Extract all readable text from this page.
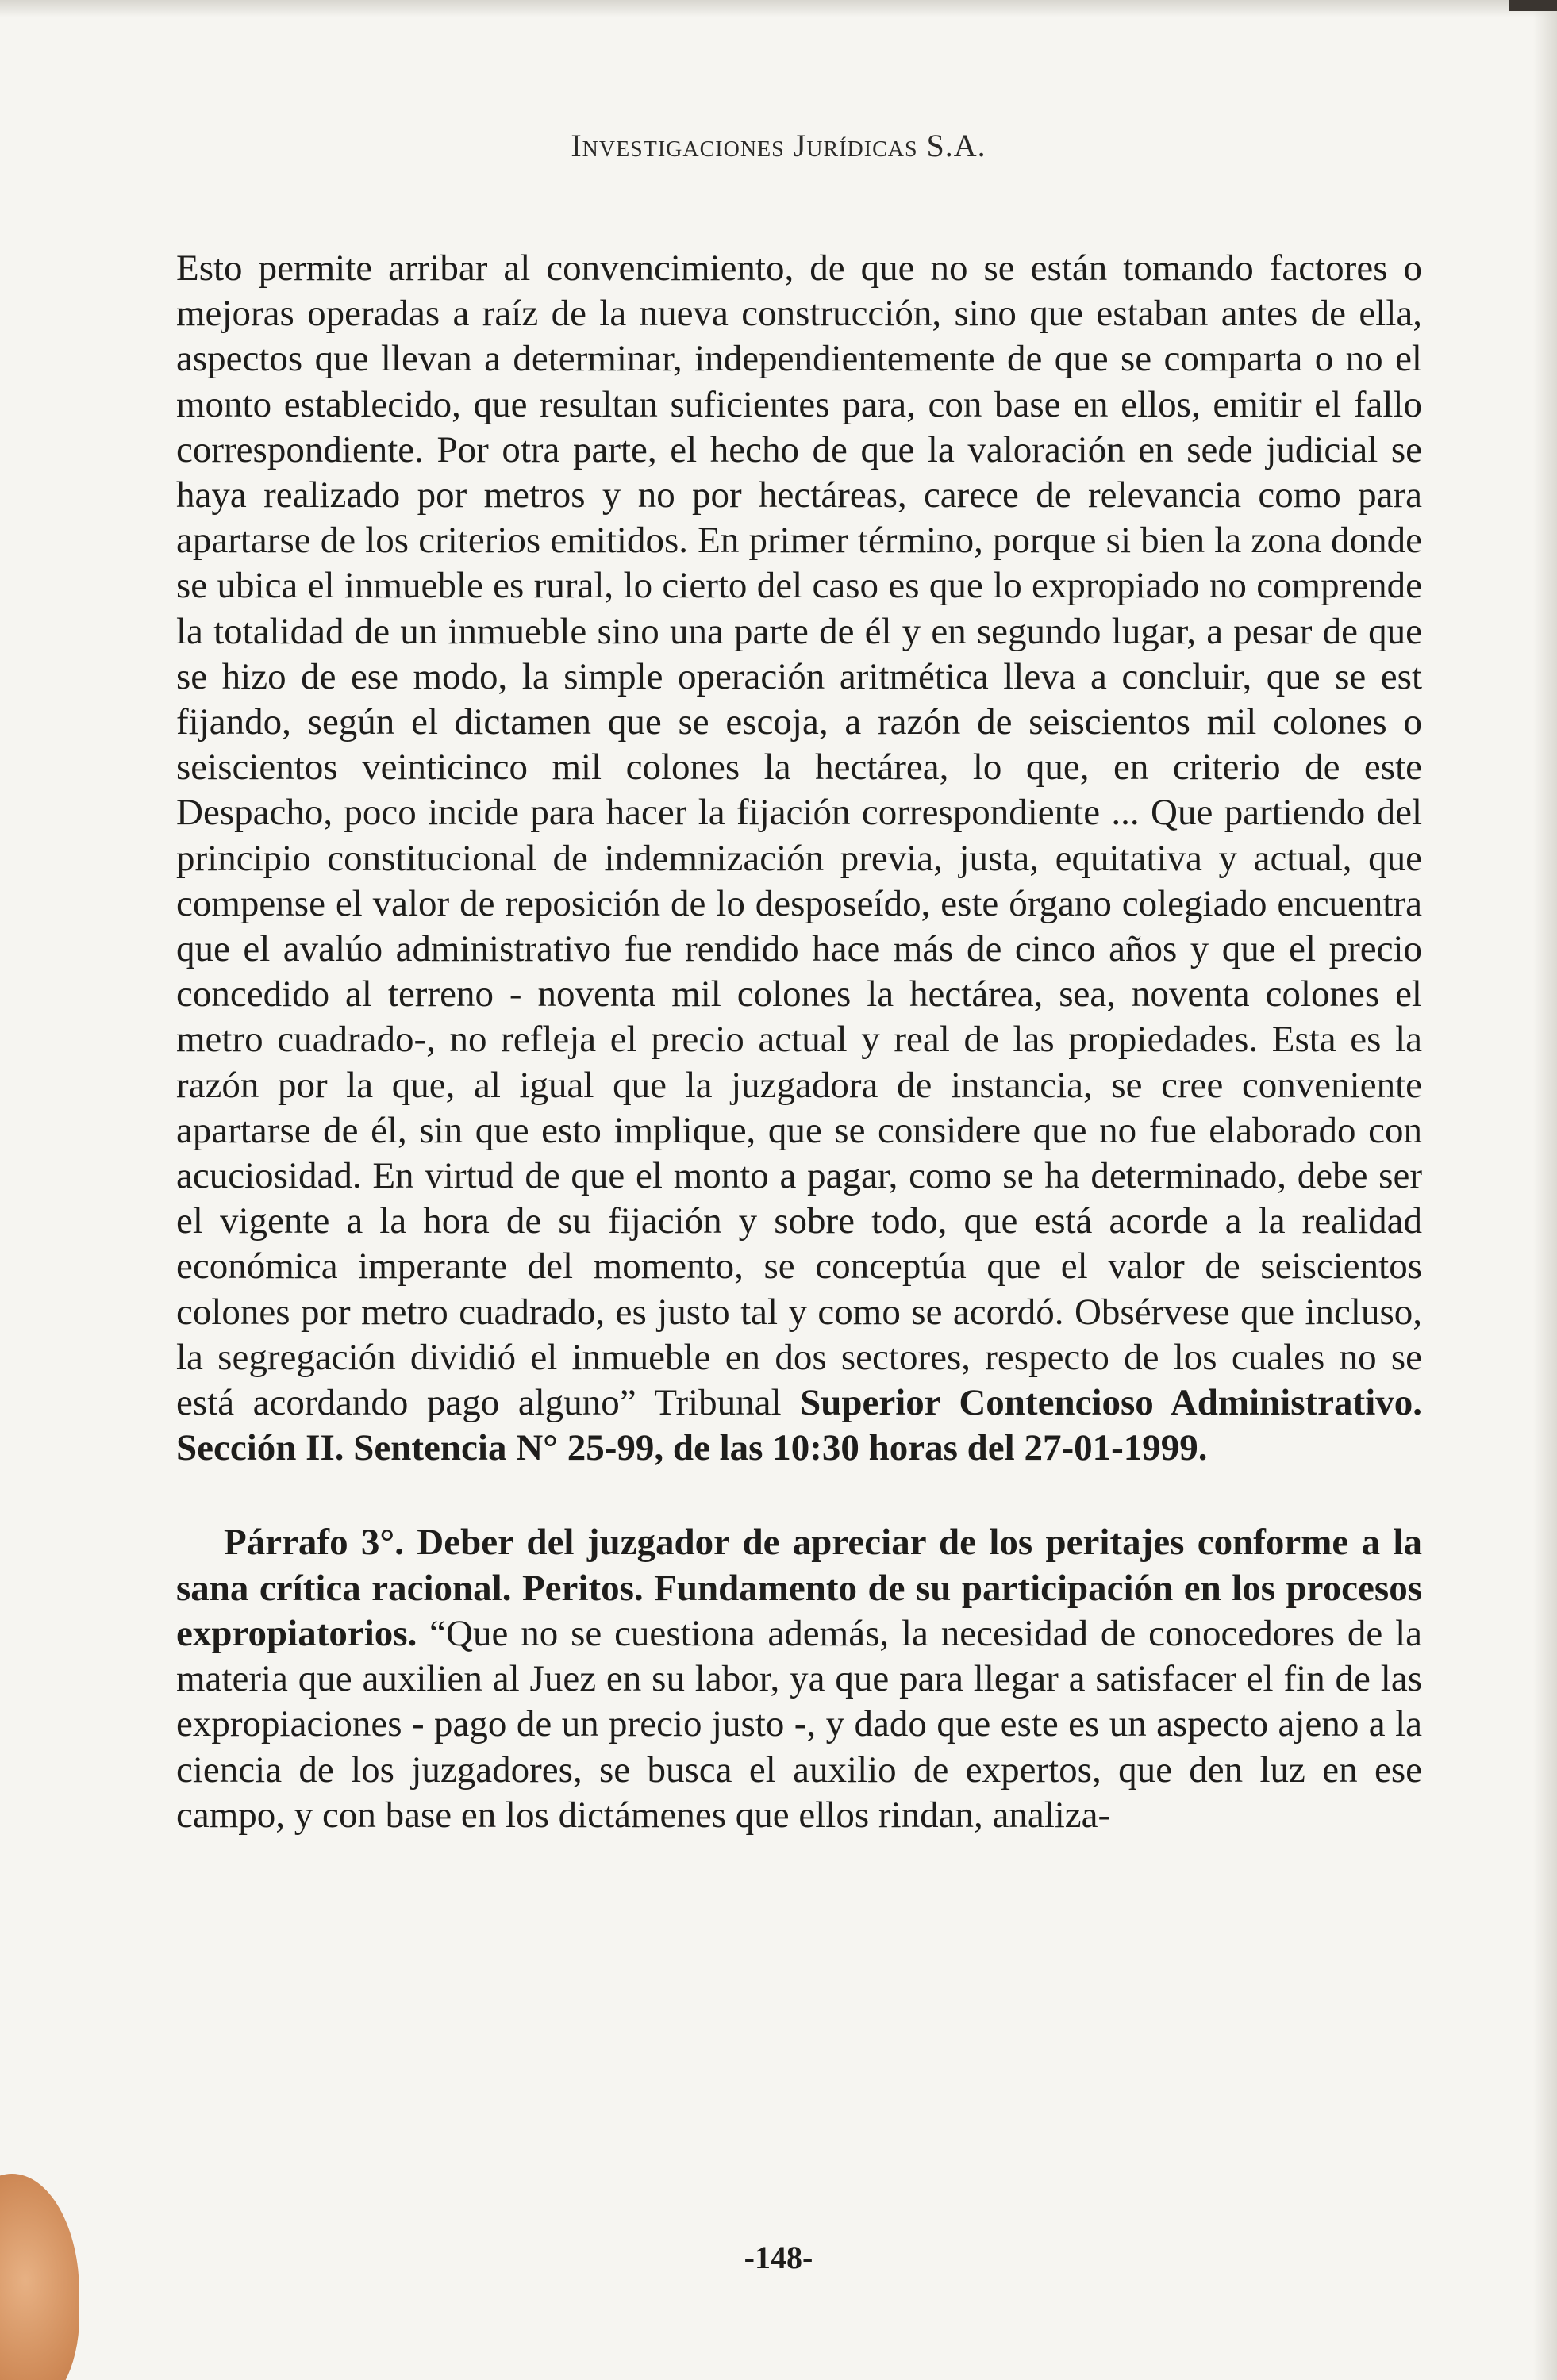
Investigaciones Jurídicas S.A.

Esto permite arribar al convencimiento, de que no se están tomando factores o mejoras operadas a raíz de la nueva construcción, sino que estaban antes de ella, aspectos que llevan a determinar, independientemente de que se comparta o no el monto establecido, que resultan suficientes para, con base en ellos, emitir el fallo correspondiente. Por otra parte, el hecho de que la valoración en sede judicial se haya realizado por metros y no por hectáreas, carece de relevancia como para apartarse de los criterios emitidos. En primer término, porque si bien la zona donde se ubica el inmueble es rural, lo cierto del caso es que lo expropiado no comprende la totalidad de un inmueble sino una parte de él y en segundo lugar, a pesar de que se hizo de ese modo, la simple operación aritmética lleva a concluir, que se est fijando, según el dictamen que se escoja, a razón de seiscientos mil colones o seiscientos veinticinco mil colones la hectárea, lo que, en criterio de este Despacho, poco incide para hacer la fijación correspondiente ... Que partiendo del principio constitucional de indemnización previa, justa, equitativa y actual, que compense el valor de reposición de lo desposeído, este órgano colegiado encuentra que el avalúo administrativo fue rendido hace más de cinco años y que el precio concedido al terreno - noventa mil colones la hectárea, sea, noventa colones el metro cuadrado-, no refleja el precio actual y real de las propiedades. Esta es la razón por la que, al igual que la juzgadora de instancia, se cree conveniente apartarse de él, sin que esto implique, que se considere que no fue elaborado con acuciosidad. En virtud de que el monto a pagar, como se ha determinado, debe ser el vigente a la hora de su fijación y sobre todo, que está acorde a la realidad económica imperante del momento, se conceptúa que el valor de seiscientos colones por metro cuadrado, es justo tal y como se acordó. Obsérvese que incluso, la segregación dividió el inmueble en dos sectores, respecto de los cuales no se está acordando pago alguno” Tribunal Superior Contencioso Administrativo. Sección II. Sentencia N° 25-99, de las 10:30 horas del 27-01-1999.

Párrafo 3°. Deber del juzgador de apreciar de los peritajes conforme a la sana crítica racional. Peritos. Fundamento de su participación en los procesos expropiatorios. “Que no se cuestiona además, la necesidad de conocedores de la materia que auxilien al Juez en su labor, ya que para llegar a satisfacer el fin de las expropiaciones - pago de un precio justo -, y dado que este es un aspecto ajeno a la ciencia de los juzgadores, se busca el auxilio de expertos, que den luz en ese campo, y con base en los dictámenes que ellos rindan, analiza-

-148-
